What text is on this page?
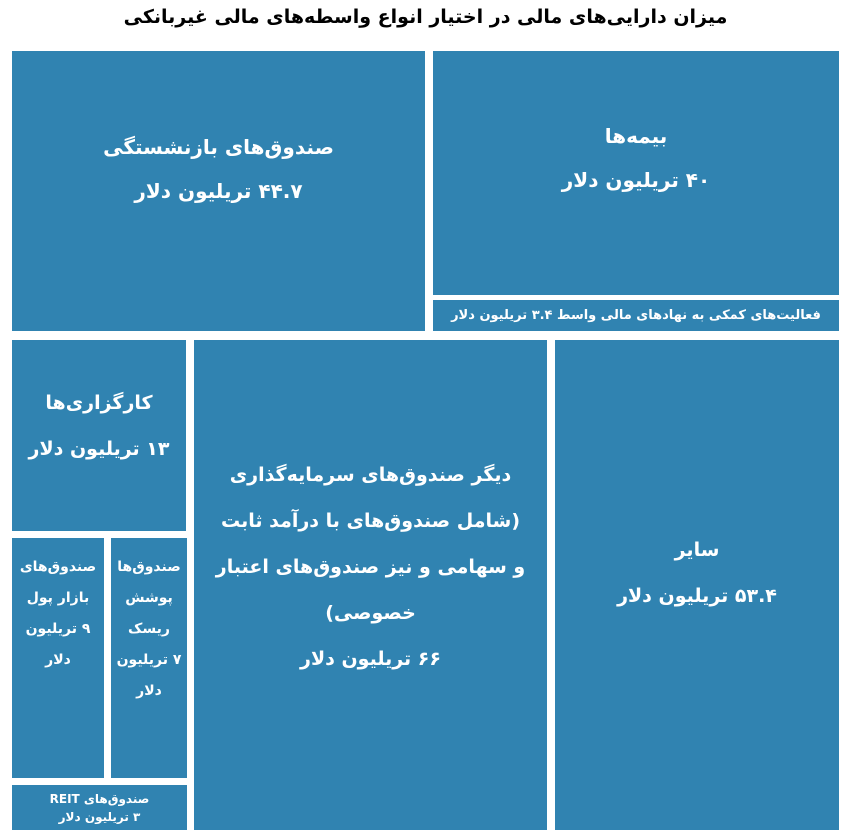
میزان دارایی‌های مالی در اختیار انواع واسطه‌های مالی غیربانکی
صندوق‌های بازنشستگی
۴۴.۷ تریلیون دلار
بیمه‌ها
۴۰ تریلیون دلار
فعالیت‌های کمکی به نهادهای مالی واسط ۳.۴ تریلیون دلار
کارگزاری‌ها
۱۳ تریلیون دلار
صندوق‌های
بازار پول
۹ تریلیون
دلار
صندوق‌ها
پوشش
ریسک
۷ تریلیون
دلار
صندوق‌های REIT
۳ تریلیون دلار
دیگر صندوق‌های سرمایه‌گذاری
(شامل صندوق‌های با درآمد ثابت
و سهامی و نیز صندوق‌های اعتبار
خصوصی)
۶۶ تریلیون دلار
سایر
۵۳.۴ تریلیون دلار
